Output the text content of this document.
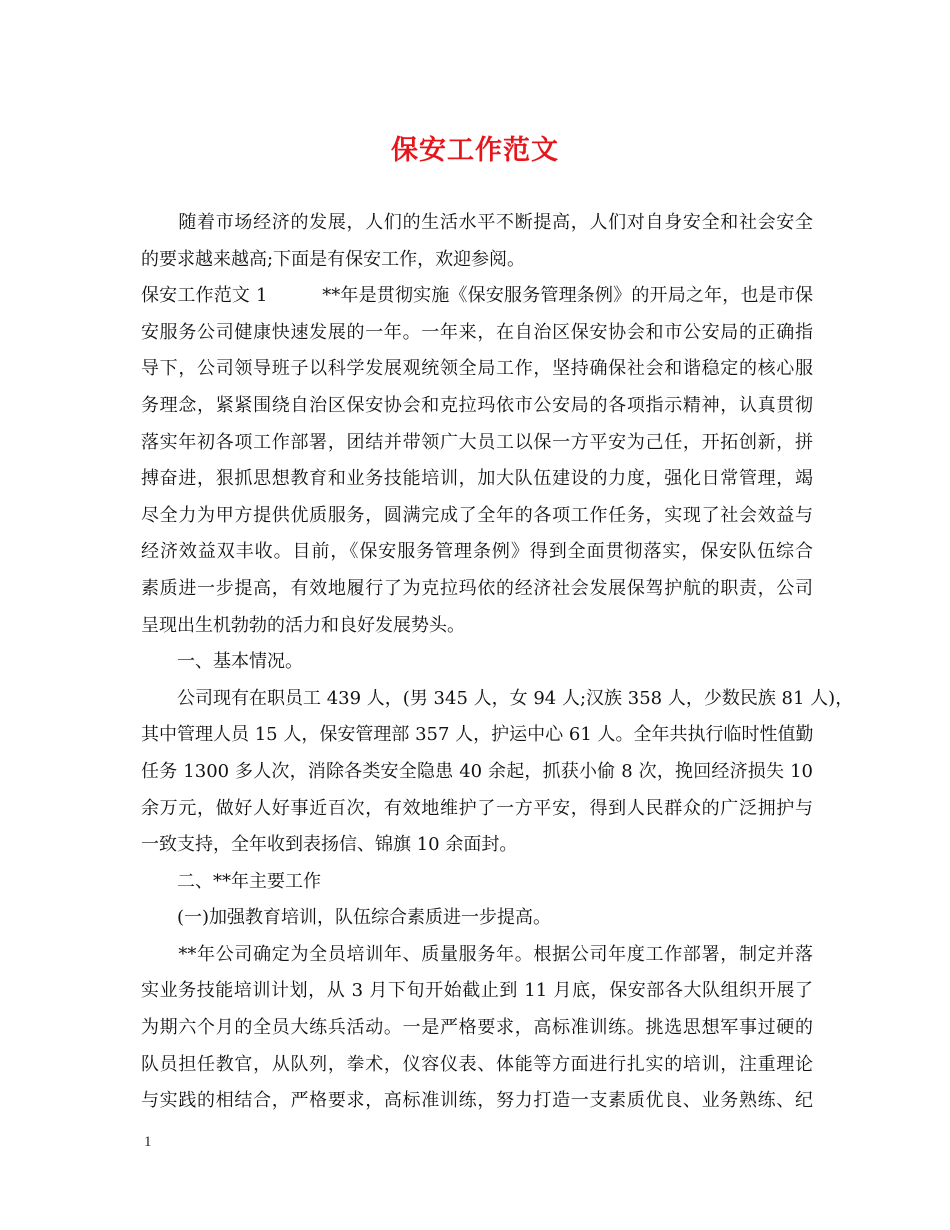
保安工作范文

　　随着市场经济的发展，人们的生活水平不断提高，人们对自身安全和社会安全

的要求越来越高;下面是有保安工作，欢迎参阅。

保安工作范文 1　　　**年是贯彻实施《保安服务管理条例》的开局之年，也是市保

安服务公司健康快速发展的一年。一年来，在自治区保安协会和市公安局的正确指

导下，公司领导班子以科学发展观统领全局工作，坚持确保社会和谐稳定的核心服

务理念，紧紧围绕自治区保安协会和克拉玛依市公安局的各项指示精神，认真贯彻

落实年初各项工作部署，团结并带领广大员工以保一方平安为己任，开拓创新，拼

搏奋进，狠抓思想教育和业务技能培训，加大队伍建设的力度，强化日常管理，竭

尽全力为甲方提供优质服务，圆满完成了全年的各项工作任务，实现了社会效益与

经济效益双丰收。目前，《保安服务管理条例》得到全面贯彻落实，保安队伍综合

素质进一步提高，有效地履行了为克拉玛依的经济社会发展保驾护航的职责，公司

呈现出生机勃勃的活力和良好发展势头。

　　一、基本情况。

　　公司现有在职员工 439 人，(男 345 人，女 94 人;汉族 358 人，少数民族 81 人)，

其中管理人员 15 人，保安管理部 357 人，护运中心 61 人。全年共执行临时性值勤

任务 1300 多人次，消除各类安全隐患 40 余起，抓获小偷 8 次，挽回经济损失 10

余万元，做好人好事近百次，有效地维护了一方平安，得到人民群众的广泛拥护与

一致支持，全年收到表扬信、锦旗 10 余面封。

　　二、**年主要工作

　　(一)加强教育培训，队伍综合素质进一步提高。

　　**年公司确定为全员培训年、质量服务年。根据公司年度工作部署，制定并落

实业务技能培训计划，从 3 月下旬开始截止到 11 月底，保安部各大队组织开展了

为期六个月的全员大练兵活动。一是严格要求，高标准训练。挑选思想军事过硬的

队员担任教官，从队列，拳术，仪容仪表、体能等方面进行扎实的培训，注重理论

与实践的相结合，严格要求，高标准训练，努力打造一支素质优良、业务熟练、纪

1
